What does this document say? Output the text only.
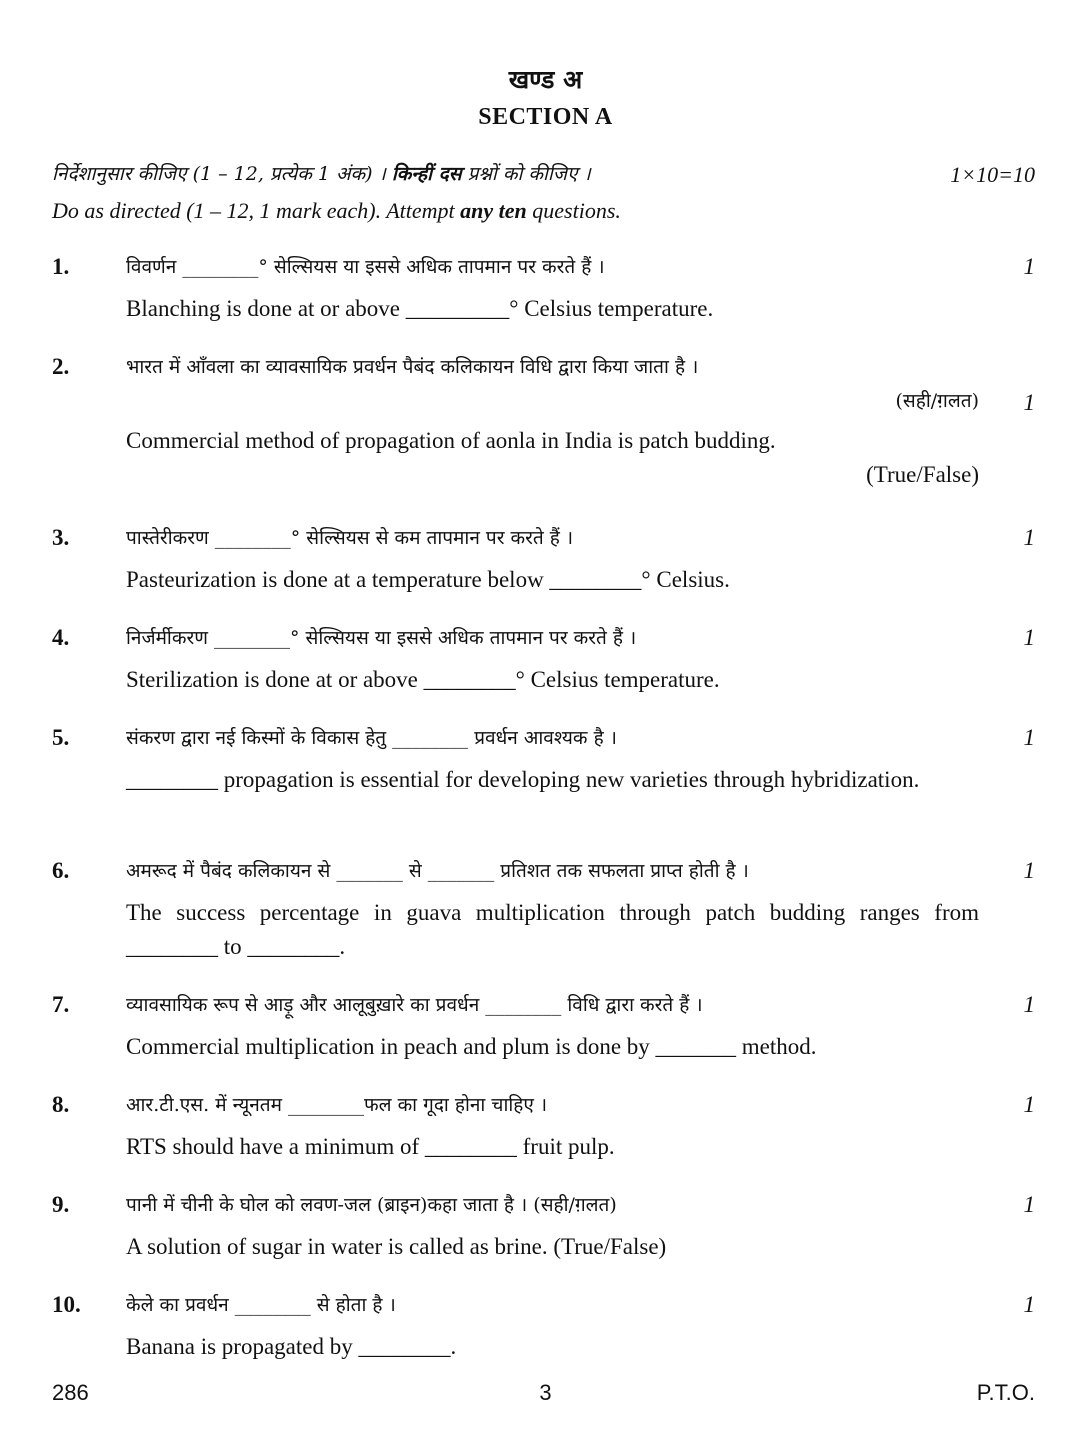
खण्ड अ
SECTION A
निर्देशानुसार कीजिए (1 – 12, प्रत्येक 1 अंक) । किन्हीं दस प्रश्नों को कीजिए ।	1×10=10
Do as directed (1 – 12, 1 mark each). Attempt any ten questions.
1.	विवर्णन ________° सेल्सियस या इससे अधिक तापमान पर करते हैं ।
Blanching is done at or above _________° Celsius temperature.
1
2.	भारत में आँवला का व्यावसायिक प्रवर्धन पैबंद कलिकायन विधि द्वारा किया जाता है ।
(सही/ग़लत)
Commercial method of propagation of aonla in India is patch budding.
(True/False)
1
3.	पास्तेरीकरण ________° सेल्सियस से कम तापमान पर करते हैं ।
Pasteurization is done at a temperature below ________° Celsius.
1
4.	निर्जर्मीकरण ________° सेल्सियस या इससे अधिक तापमान पर करते हैं ।
Sterilization is done at or above ________° Celsius temperature.
1
5.	संकरण द्वारा नई किस्मों के विकास हेतु ________ प्रवर्धन आवश्यक है ।
________ propagation is essential for developing new varieties through hybridization.
1
6.	अमरूद में पैबंद कलिकायन से _______ से _______ प्रतिशत तक सफलता प्राप्त होती है ।
The success percentage in guava multiplication through patch budding ranges from ________ to ________.
1
7.	व्यावसायिक रूप से आड़ू और आलूबुख़ारे का प्रवर्धन ________ विधि द्वारा करते हैं ।
Commercial multiplication in peach and plum is done by _______ method.
1
8.	आर.टी.एस. में न्यूनतम ________फल का गूदा होना चाहिए ।
RTS should have a minimum of ________ fruit pulp.
1
9.	पानी में चीनी के घोल को लवण-जल (ब्राइन)कहा जाता है । (सही/ग़लत)
A solution of sugar in water is called as brine. (True/False)
1
10. केले का प्रवर्धन ________ से होता है ।
Banana is propagated by ________.
1
286	3	P.T.O.
